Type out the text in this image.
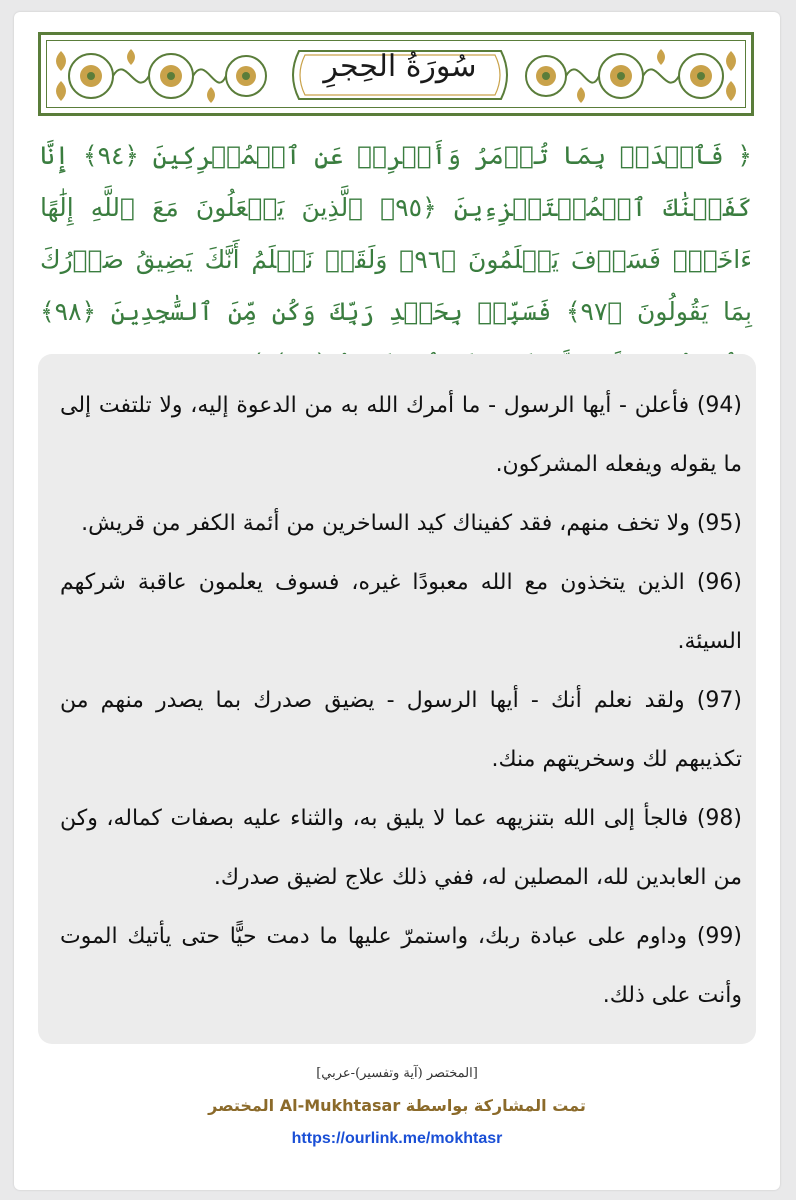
سُورَةُ الحِجرِ
﴿ فَٱصۡدَعۡ بِمَا تُؤۡمَرُ وَأَعۡرِضۡ عَنِ ٱلۡمُشۡرِكِينَ ﴿٩٤﴾ إِنَّا كَفَيۡنَٰكَ ٱلۡمُسۡتَهۡزِءِينَ ﴿٩٥﴾ ٱلَّذِينَ يَجۡعَلُونَ مَعَ ٱللَّهِ إِلَٰهًا ءَاخَرَۚ فَسَوۡفَ يَعۡلَمُونَ ﴿٩٦﴾ وَلَقَدۡ نَعۡلَمُ أَنَّكَ يَضِيقُ صَدۡرُكَ بِمَا يَقُولُونَ ﴿٩٧﴾ فَسَبِّحۡ بِحَمۡدِ رَبِّكَ وَكُن مِّنَ ٱلسَّٰجِدِينَ ﴿٩٨﴾

(94) فأعلن - أيها الرسول - ما أمرك الله به من الدعوة إليه، ولا تلتفت إلى ما يقوله ويفعله المشركون.

(95) ولا تخف منهم، فقد كفيناك كيد الساخرين من أئمة الكفر من قريش.

(96) الذين يتخذون مع الله معبودًا غيره، فسوف يعلمون عاقبة شركهم السيئة.

(97) ولقد نعلم أنك - أيها الرسول - يضيق صدرك بما يصدر منهم من تكذيبهم لك وسخريتهم منك.

(98) فالجأ إلى الله بتنزيهه عما لا يليق به، والثناء عليه بصفات كماله، وكن من العابدين لله، المصلين له، ففي ذلك علاج لضيق صدرك.

(99) وداوم على عبادة ربك، واستمرّ عليها ما دمت حيًّا حتى يأتيك الموت وأنت على ذلك.

[المختصر (آية وتفسير)-عربي]
تمت المشاركة بواسطة Al-Mukhtasar المختصر
https://ourlink.me/mokhtasr
